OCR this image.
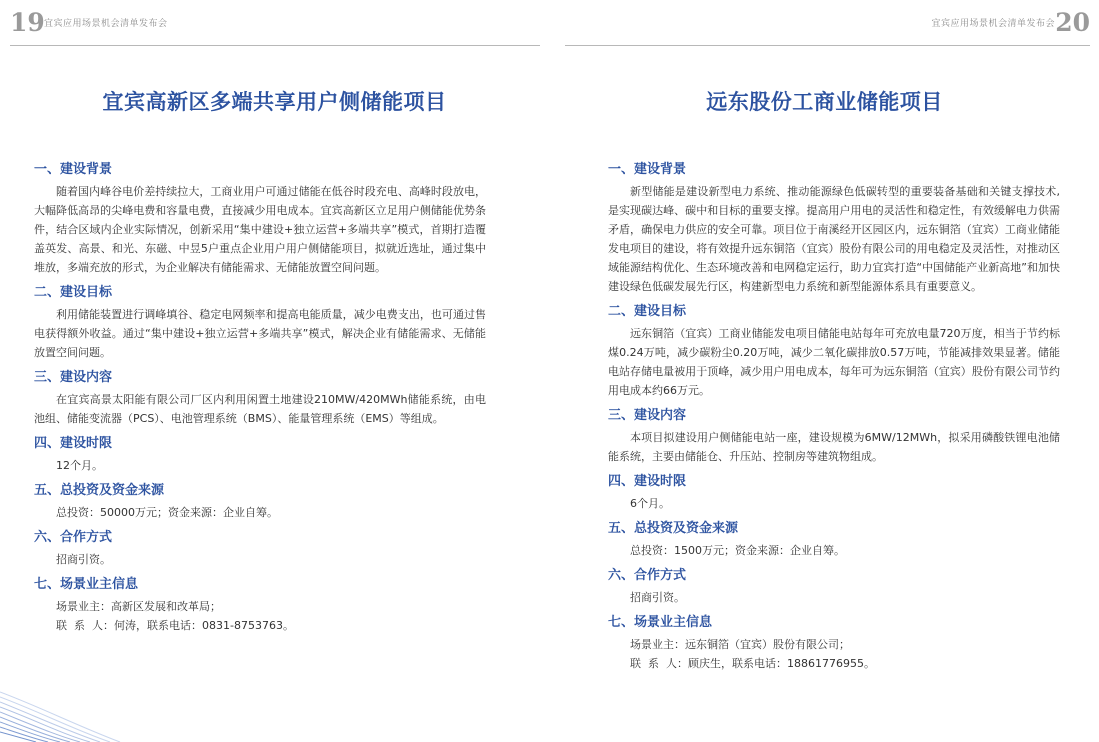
19 宜宾应用场景机会清单发布会
宜宾高新区多端共享用户侧储能项目
一、建设背景

随着国内峰谷电价差持续拉大，工商业用户可通过储能在低谷时段充电、高峰时段放电，大幅降低高昂的尖峰电费和容量电费，直接减少用电成本。宜宾高新区立足用户侧储能优势条件，结合区域内企业实际情况，创新采用“集中建设+独立运营+多端共享”模式，首期打造覆盖英发、高景、和光、东磁、中昱5户重点企业用户用户侧储能项目，拟就近选址，通过集中堆放，多端充放的形式，为企业解决有储能需求、无储能放置空间问题。

二、建设目标

利用储能装置进行调峰填谷、稳定电网频率和提高电能质量，减少电费支出，也可通过售电获得额外收益。通过“集中建设+独立运营+多端共享”模式，解决企业有储能需求、无储能放置空间问题。

三、建设内容

在宜宾高景太阳能有限公司厂区内利用闲置土地建设210MW/420MWh储能系统，由电池组、储能变流器（PCS）、电池管理系统（BMS）、能量管理系统（EMS）等组成。

四、建设时限

12个月。

五、总投资及资金来源

总投资：50000万元；资金来源：企业自筹。

六、合作方式

招商引资。

七、场景业主信息

场景业主：高新区发展和改革局；

联  系  人：何涛，联系电话：0831-8753763。

宜宾应用场景机会清单发布会 20
远东股份工商业储能项目
一、建设背景

新型储能是建设新型电力系统、推动能源绿色低碳转型的重要装备基础和关键支撑技术,是实现碳达峰、碳中和目标的重要支撑。提高用户用电的灵活性和稳定性，有效缓解电力供需矛盾，确保电力供应的安全可靠。项目位于南溪经开区园区内，远东铜箔（宜宾）工商业储能发电项目的建设，将有效提升远东铜箔（宜宾）股份有限公司的用电稳定及灵活性，对推动区域能源结构优化、生态环境改善和电网稳定运行，助力宜宾打造“中国储能产业新高地”和加快建设绿色低碳发展先行区，构建新型电力系统和新型能源体系具有重要意义。

二、建设目标

远东铜箔（宜宾）工商业储能发电项目储能电站每年可充放电量720万度，相当于节约标煤0.24万吨，减少碳粉尘0.20万吨，减少二氧化碳排放0.57万吨，节能减排效果显著。储能电站存储电量被用于顶峰，减少用户用电成本，每年可为远东铜箔（宜宾）股份有限公司节约用电成本约66万元。

三、建设内容

本项目拟建设用户侧储能电站一座，建设规模为6MW/12MWh，拟采用磷酸铁锂电池储能系统，主要由储能仓、升压站、控制房等建筑物组成。

四、建设时限

6个月。

五、总投资及资金来源

总投资：1500万元；资金来源：企业自筹。

六、合作方式

招商引资。

七、场景业主信息

场景业主：远东铜箔（宜宾）股份有限公司；

联  系  人：顾庆生，联系电话：18861776955。
